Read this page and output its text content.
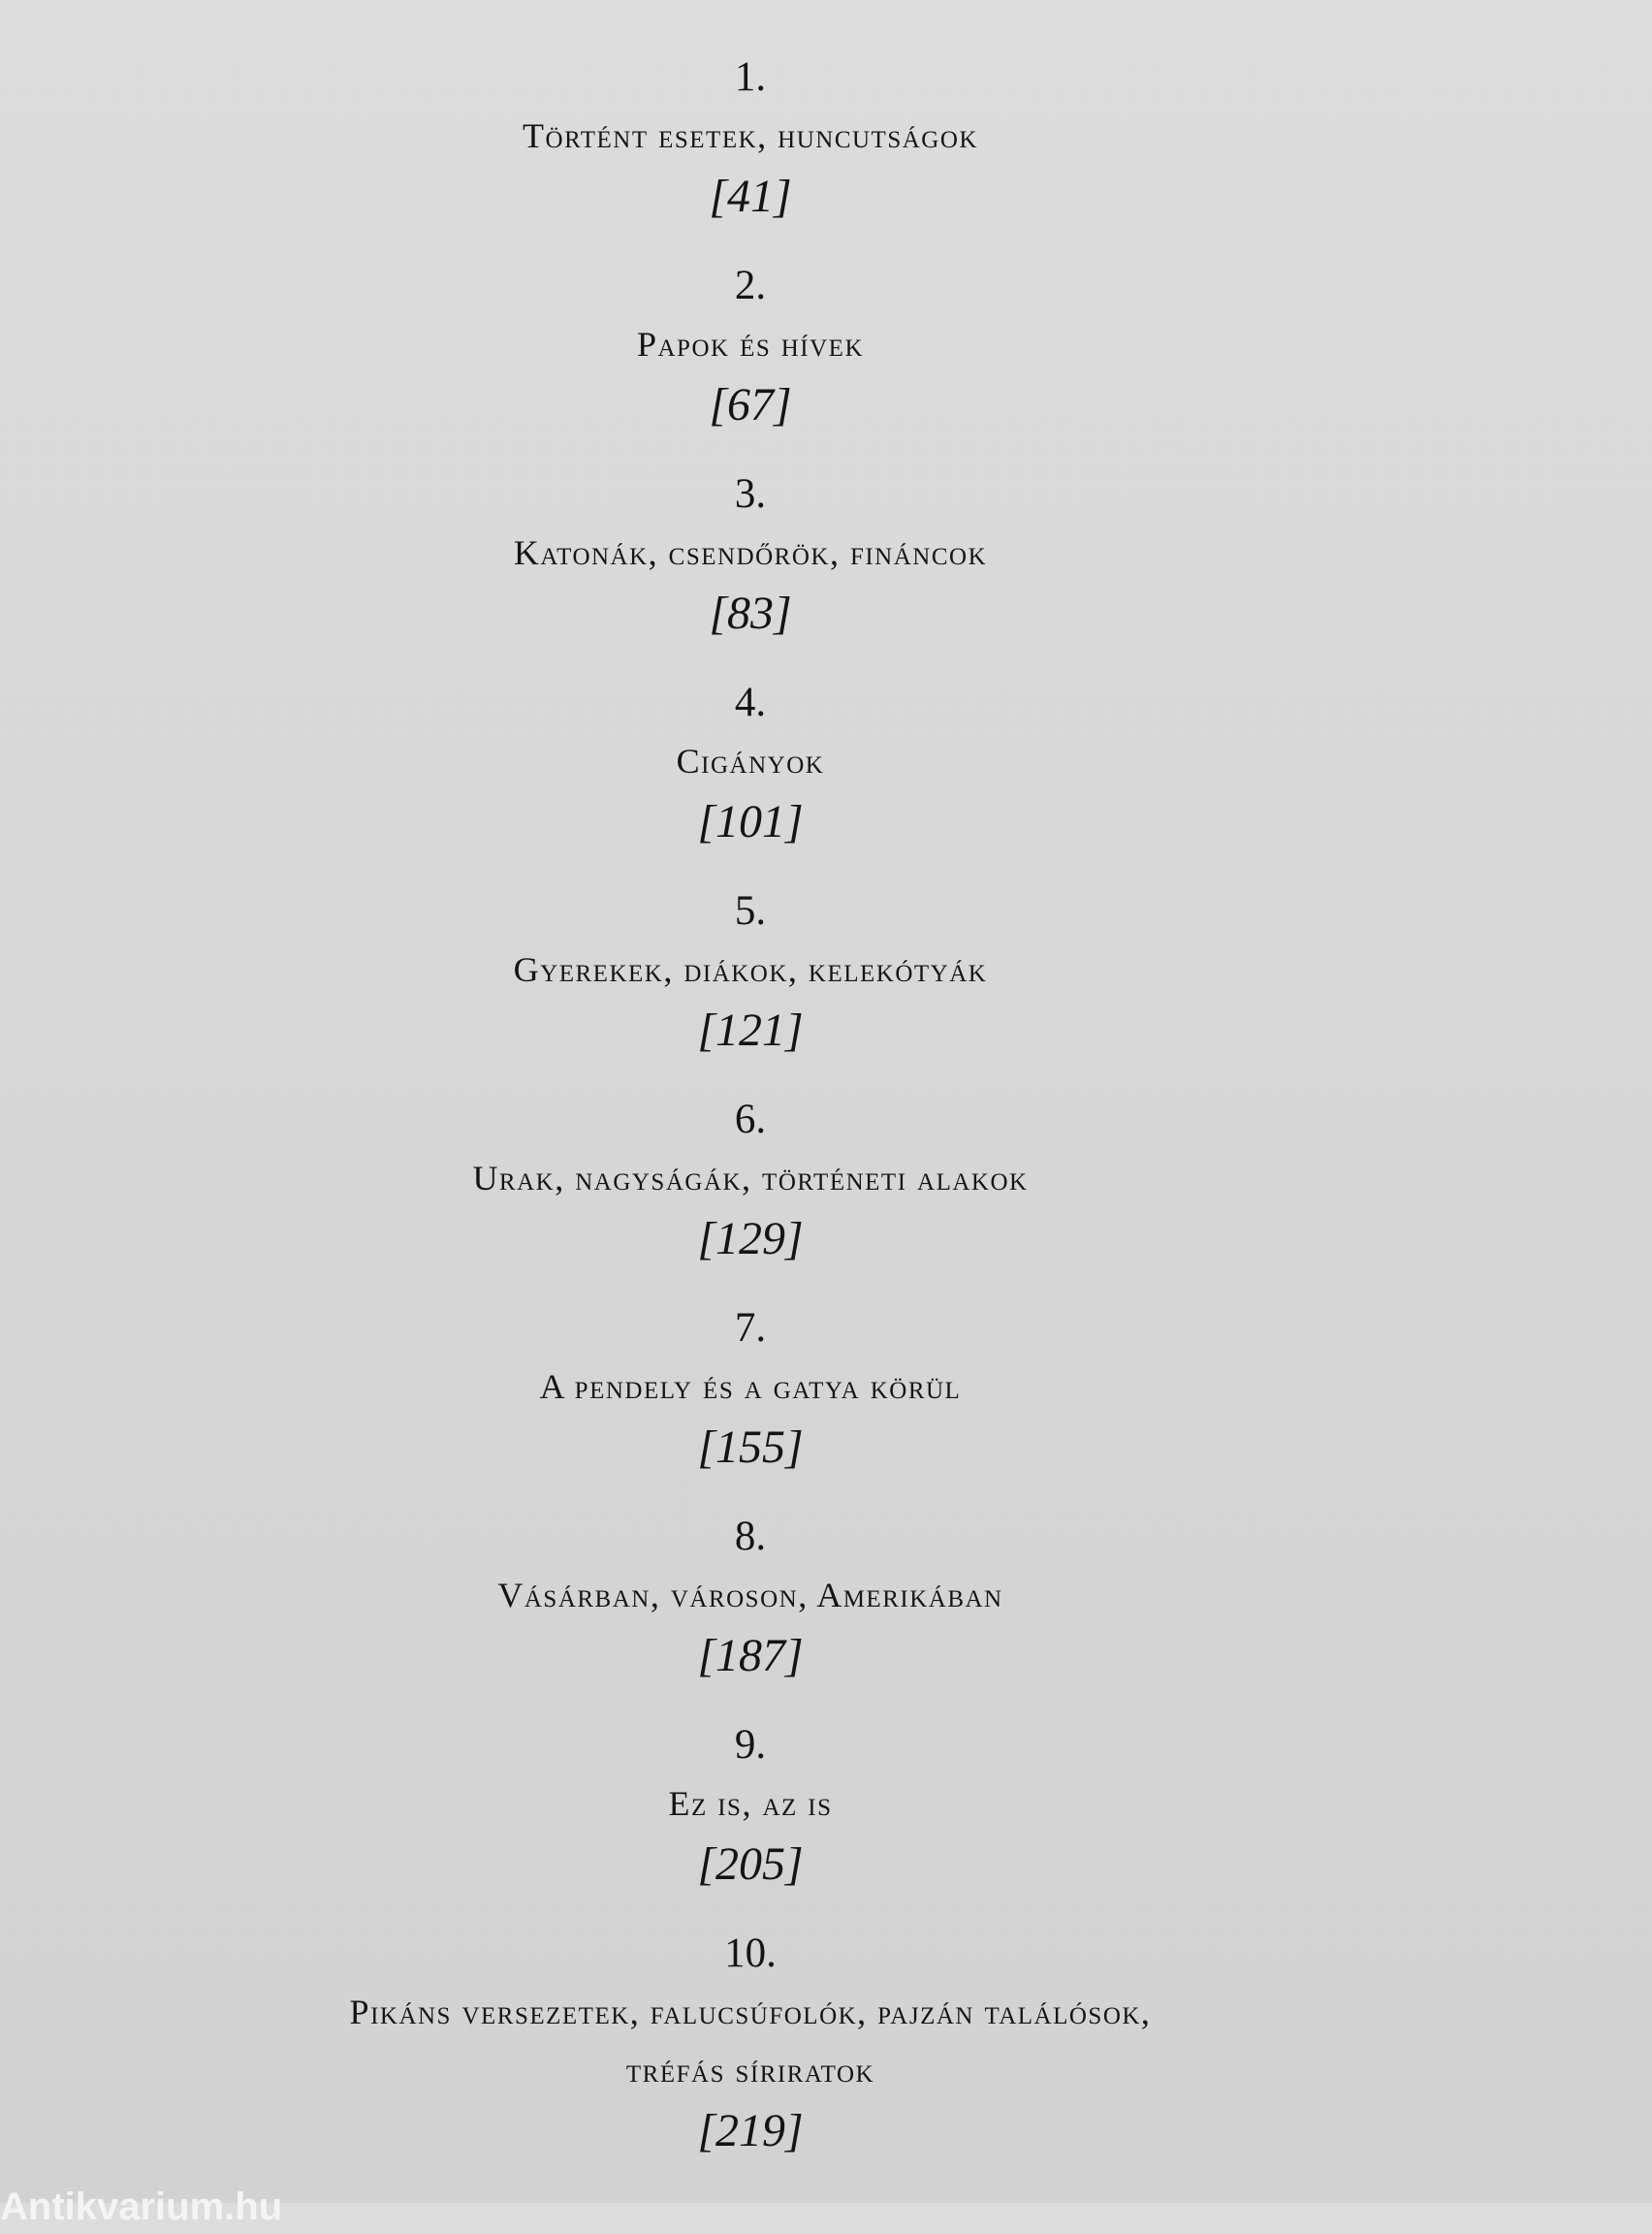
1.
Történt esetek, huncutságok
[41]
2.
Papok és hívek
[67]
3.
Katonák, csendőrök, fináncok
[83]
4.
Cigányok
[101]
5.
Gyerekek, diákok, kelekótyák
[121]
6.
Urak, nagyságák, történeti alakok
[129]
7.
A pendely és a gatya körül
[155]
8.
Vásárban, városon, Amerikában
[187]
9.
Ez is, az is
[205]
10.
Pikáns versezetek, falucsúfolók, pajzán találósok,
tréfás síriratok
[219]
Antikvarium.hu
